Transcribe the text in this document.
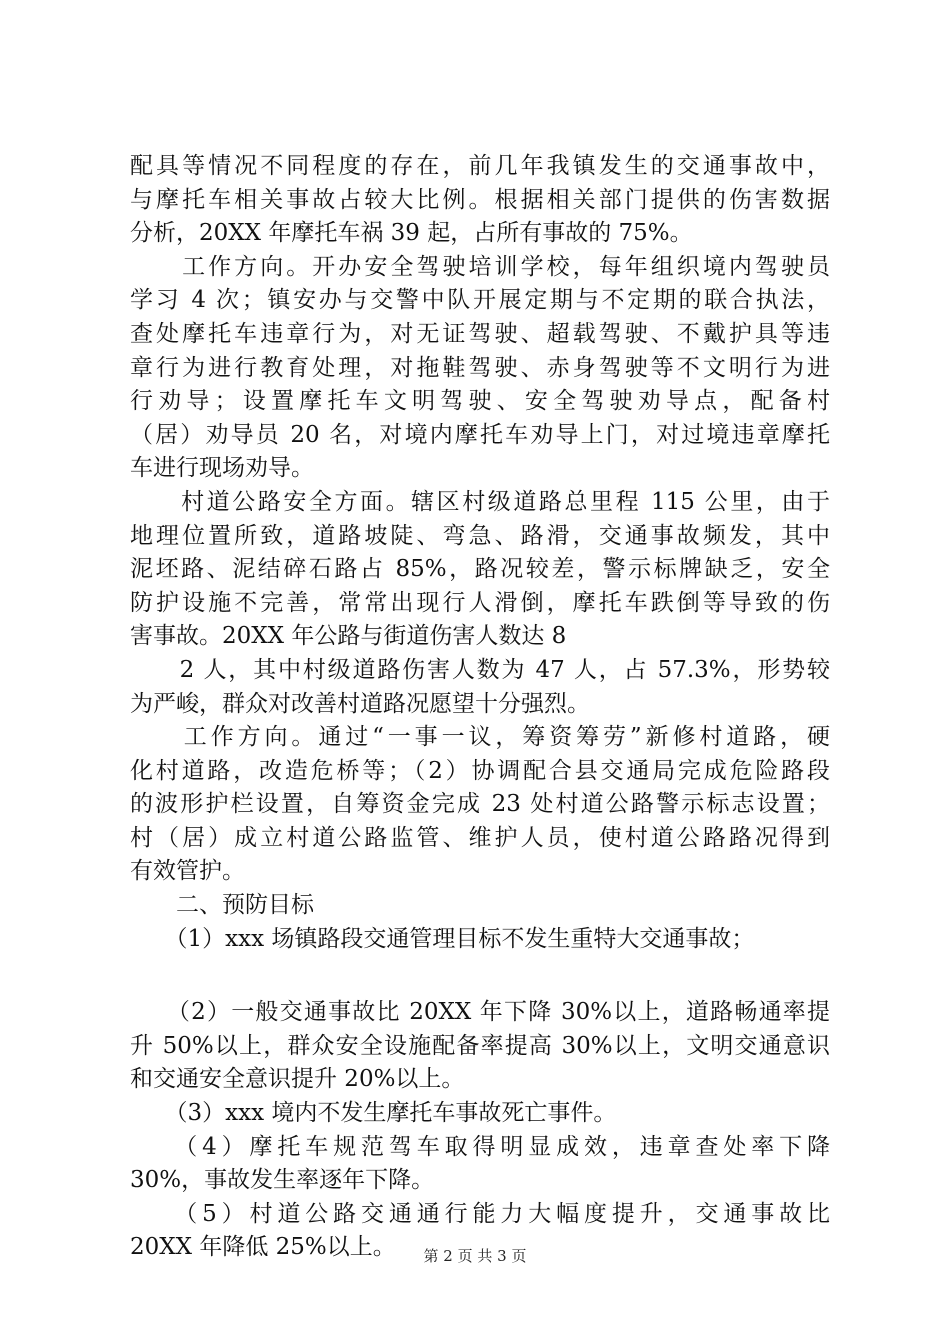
配具等情况不同程度的存在，前几年我镇发生的交通事故中，
与摩托车相关事故占较大比例。根据相关部门提供的伤害数据
分析，20XX 年摩托车祸 39 起，占所有事故的 75%。
　　工作方向。开办安全驾驶培训学校，每年组织境内驾驶员
学习 4 次；镇安办与交警中队开展定期与不定期的联合执法，
查处摩托车违章行为，对无证驾驶、超载驾驶、不戴护具等违
章行为进行教育处理，对拖鞋驾驶、赤身驾驶等不文明行为进
行劝导；设置摩托车文明驾驶、安全驾驶劝导点，配备村
（居）劝导员 20 名，对境内摩托车劝导上门，对过境违章摩托
车进行现场劝导。
　　村道公路安全方面。辖区村级道路总里程 115 公里，由于
地理位置所致，道路坡陡、弯急、路滑，交通事故频发，其中
泥坯路、泥结碎石路占 85%，路况较差，警示标牌缺乏，安全
防护设施不完善，常常出现行人滑倒，摩托车跌倒等导致的伤
害事故。20XX 年公路与街道伤害人数达 8
　　2 人，其中村级道路伤害人数为 47 人，占 57.3%，形势较
为严峻，群众对改善村道路况愿望十分强烈。
　　工作方向。通过“一事一议，筹资筹劳”新修村道路，硬
化村道路，改造危桥等；（2）协调配合县交通局完成危险路段
的波形护栏设置，自筹资金完成 23 处村道公路警示标志设置；
村（居）成立村道公路监管、维护人员，使村道公路路况得到
有效管护。
　　二、预防目标
　　（1）xxx 场镇路段交通管理目标不发生重特大交通事故；
　　（2）一般交通事故比 20XX 年下降 30%以上，道路畅通率提
升 50%以上，群众安全设施配备率提高 30%以上，文明交通意识
和交通安全意识提升 20%以上。
　　（3）xxx 境内不发生摩托车事故死亡事件。
　　（4）摩托车规范驾车取得明显成效，违章查处率下降
30%，事故发生率逐年下降。
　　（5）村道公路交通通行能力大幅度提升，交通事故比
20XX 年降低 25%以上。	第 2 页 共 3 页
